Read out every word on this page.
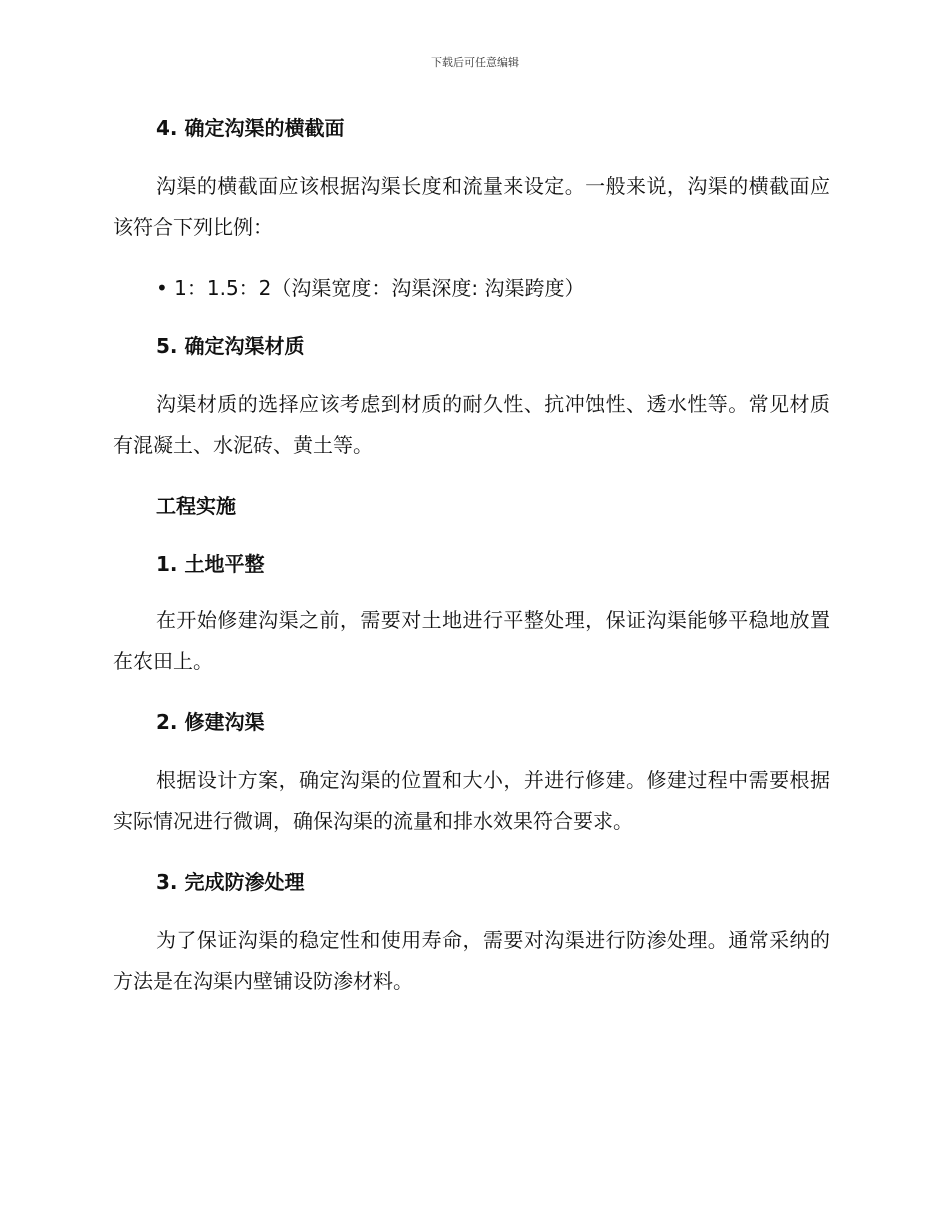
下载后可任意编辑
4. 确定沟渠的横截面
沟渠的横截面应该根据沟渠长度和流量来设定。一般来说，沟渠的横截面应该符合下列比例：
• 1：1.5：2（沟渠宽度：沟渠深度: 沟渠跨度）
5. 确定沟渠材质
沟渠材质的选择应该考虑到材质的耐久性、抗冲蚀性、透水性等。常见材质有混凝土、水泥砖、黄土等。
工程实施
1. 土地平整
在开始修建沟渠之前，需要对土地进行平整处理，保证沟渠能够平稳地放置在农田上。
2. 修建沟渠
根据设计方案，确定沟渠的位置和大小，并进行修建。修建过程中需要根据实际情况进行微调，确保沟渠的流量和排水效果符合要求。
3. 完成防渗处理
为了保证沟渠的稳定性和使用寿命，需要对沟渠进行防渗处理。通常采纳的方法是在沟渠内壁铺设防渗材料。
